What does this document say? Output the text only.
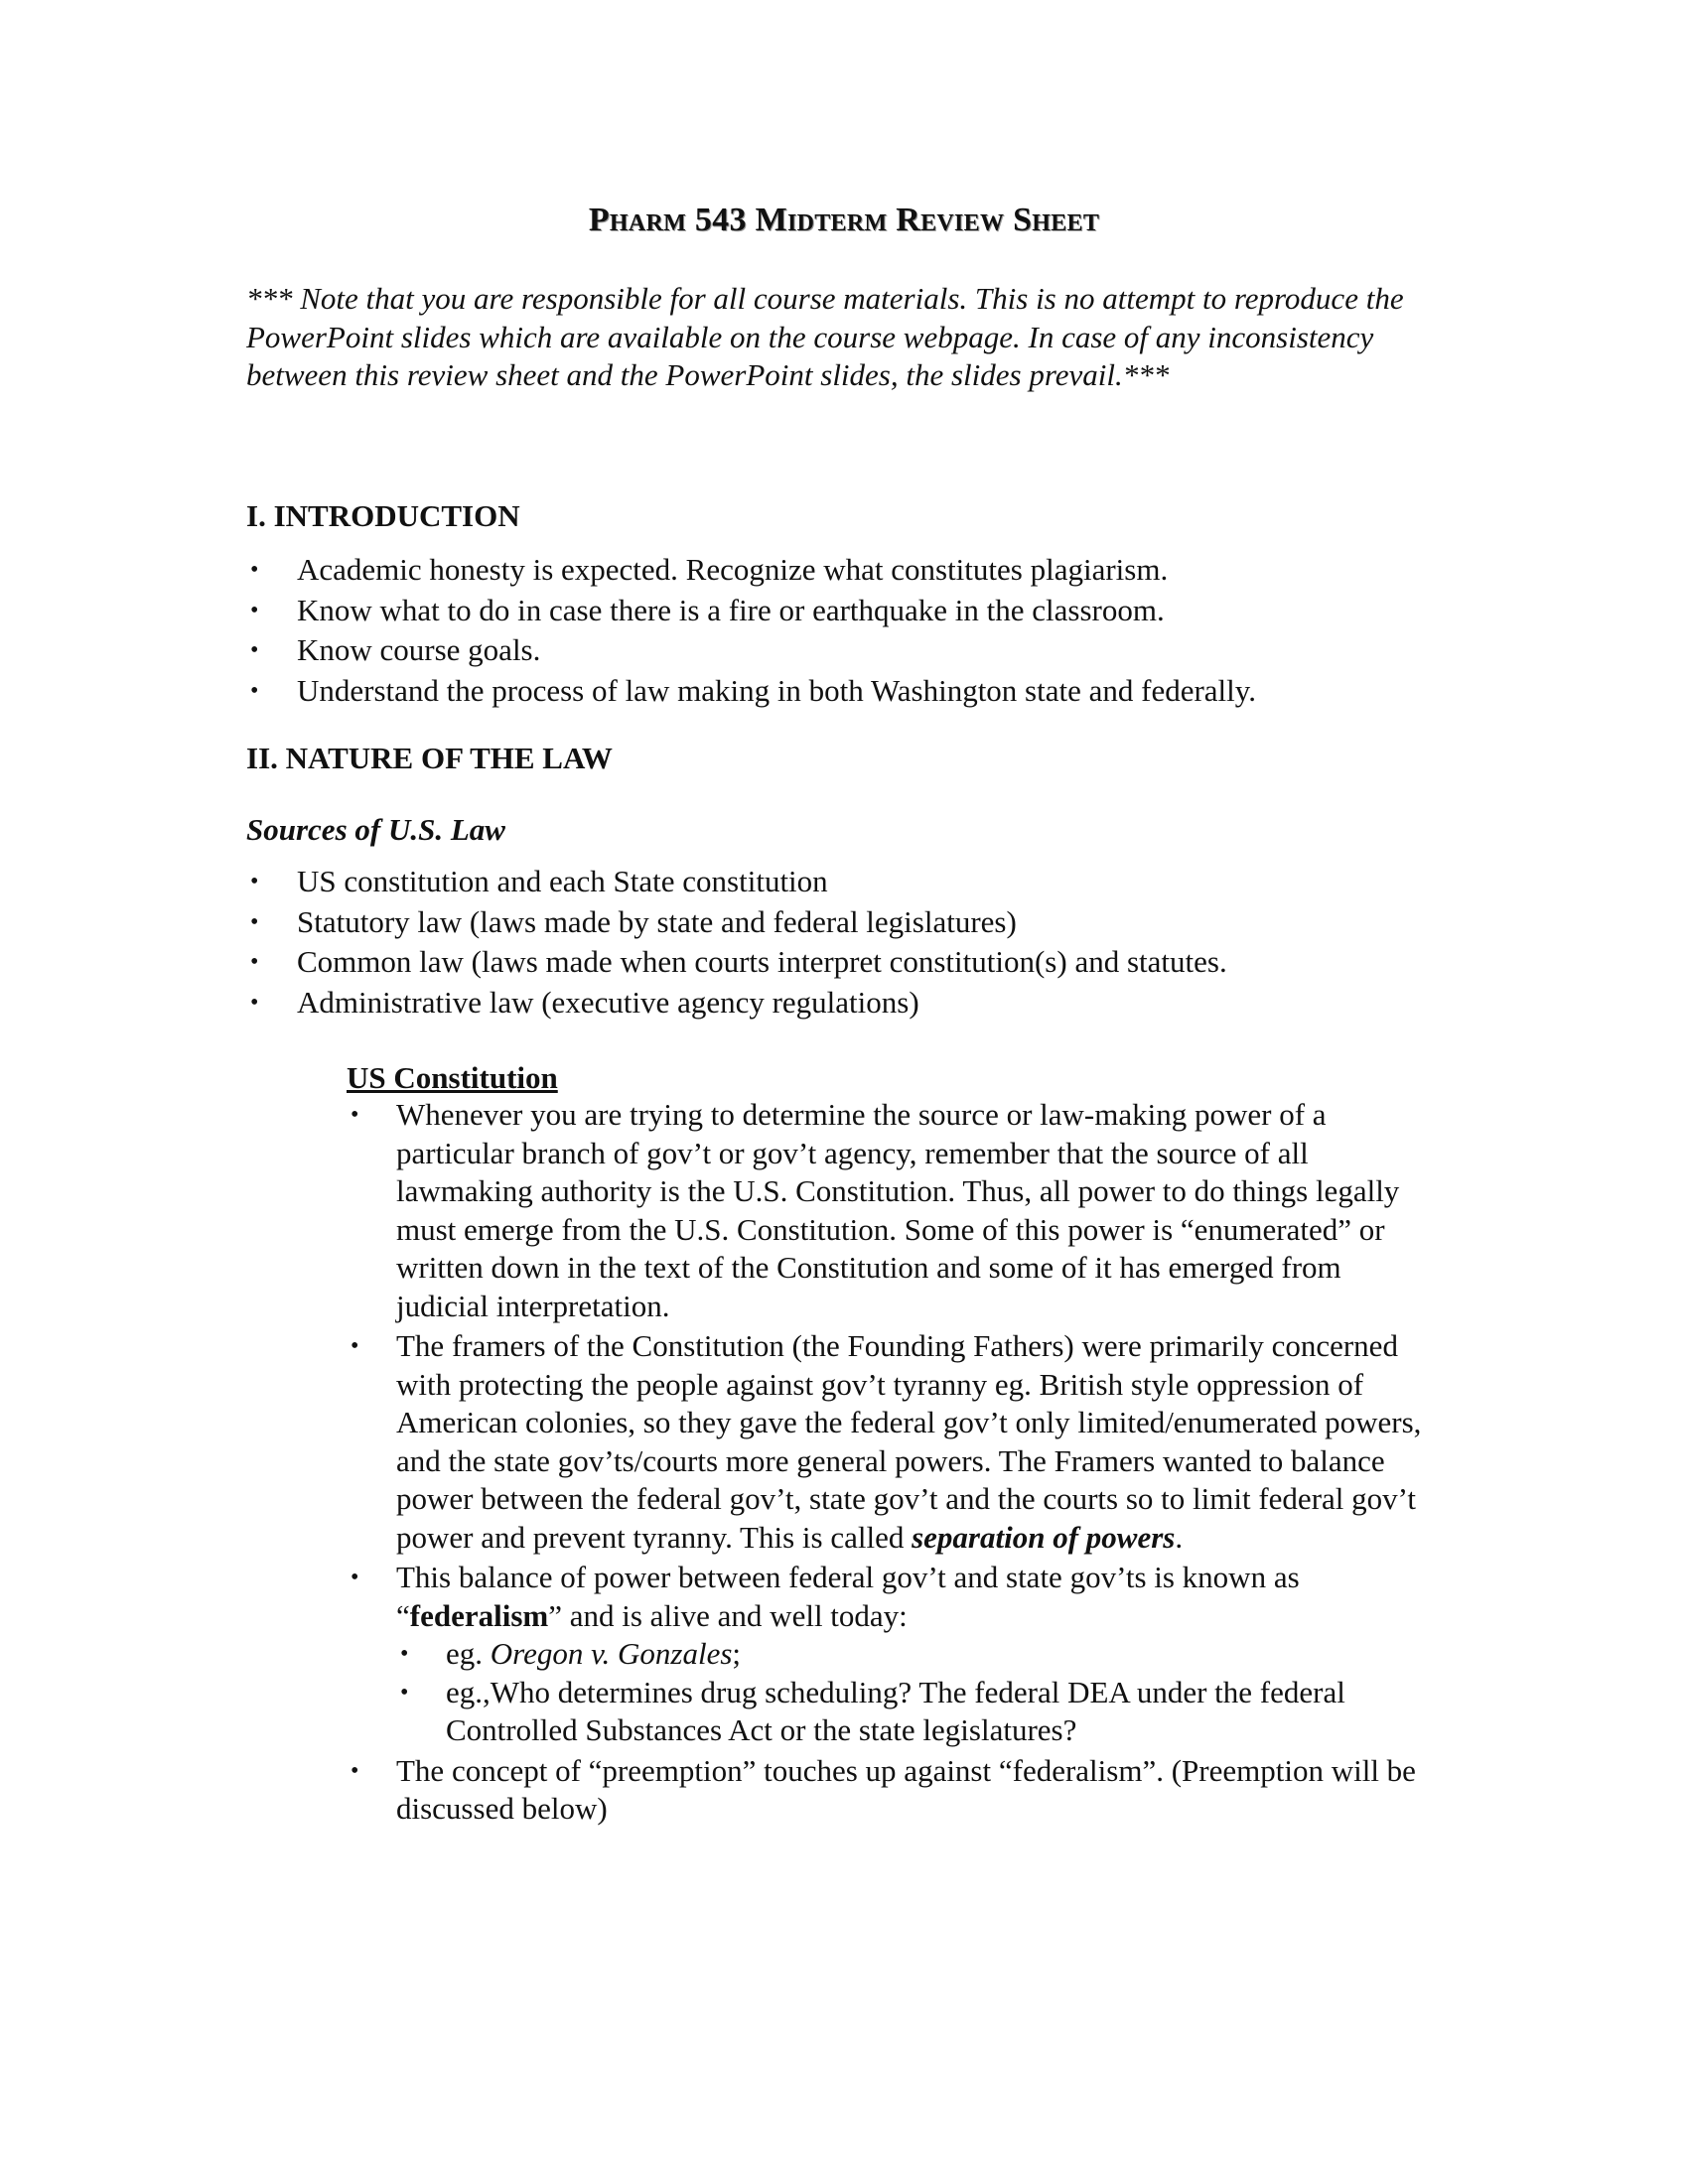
Pharm 543 Midterm Review Sheet
*** Note that you are responsible for all course materials. This is no attempt to reproduce the PowerPoint slides which are available on the course webpage. In case of any inconsistency between this review sheet and the PowerPoint slides, the slides prevail.***
I. INTRODUCTION
• Academic honesty is expected. Recognize what constitutes plagiarism.
• Know what to do in case there is a fire or earthquake in the classroom.
• Know course goals.
• Understand the process of law making in both Washington state and federally.
II. NATURE OF THE LAW
Sources of U.S. Law
• US constitution and each State constitution
• Statutory law (laws made by state and federal legislatures)
• Common law (laws made when courts interpret constitution(s) and statutes.
• Administrative law (executive agency regulations)
US Constitution
• Whenever you are trying to determine the source or law-making power of a particular branch of gov’t or gov’t agency, remember that the source of all lawmaking authority is the U.S. Constitution. Thus, all power to do things legally must emerge from the U.S. Constitution. Some of this power is “enumerated” or written down in the text of the Constitution and some of it has emerged from judicial interpretation.
• The framers of the Constitution (the Founding Fathers) were primarily concerned with protecting the people against gov’t tyranny eg. British style oppression of American colonies, so they gave the federal gov’t only limited/enumerated powers, and the state gov’ts/courts more general powers. The Framers wanted to balance power between the federal gov’t, state gov’t and the courts so to limit federal gov’t power and prevent tyranny. This is called separation of powers.
• This balance of power between federal gov’t and state gov’ts is known as “federalism” and is alive and well today:
• eg. Oregon v. Gonzales;
• eg.,Who determines drug scheduling? The federal DEA under the federal Controlled Substances Act or the state legislatures?
• The concept of “preemption” touches up against “federalism”. (Preemption will be discussed below)
